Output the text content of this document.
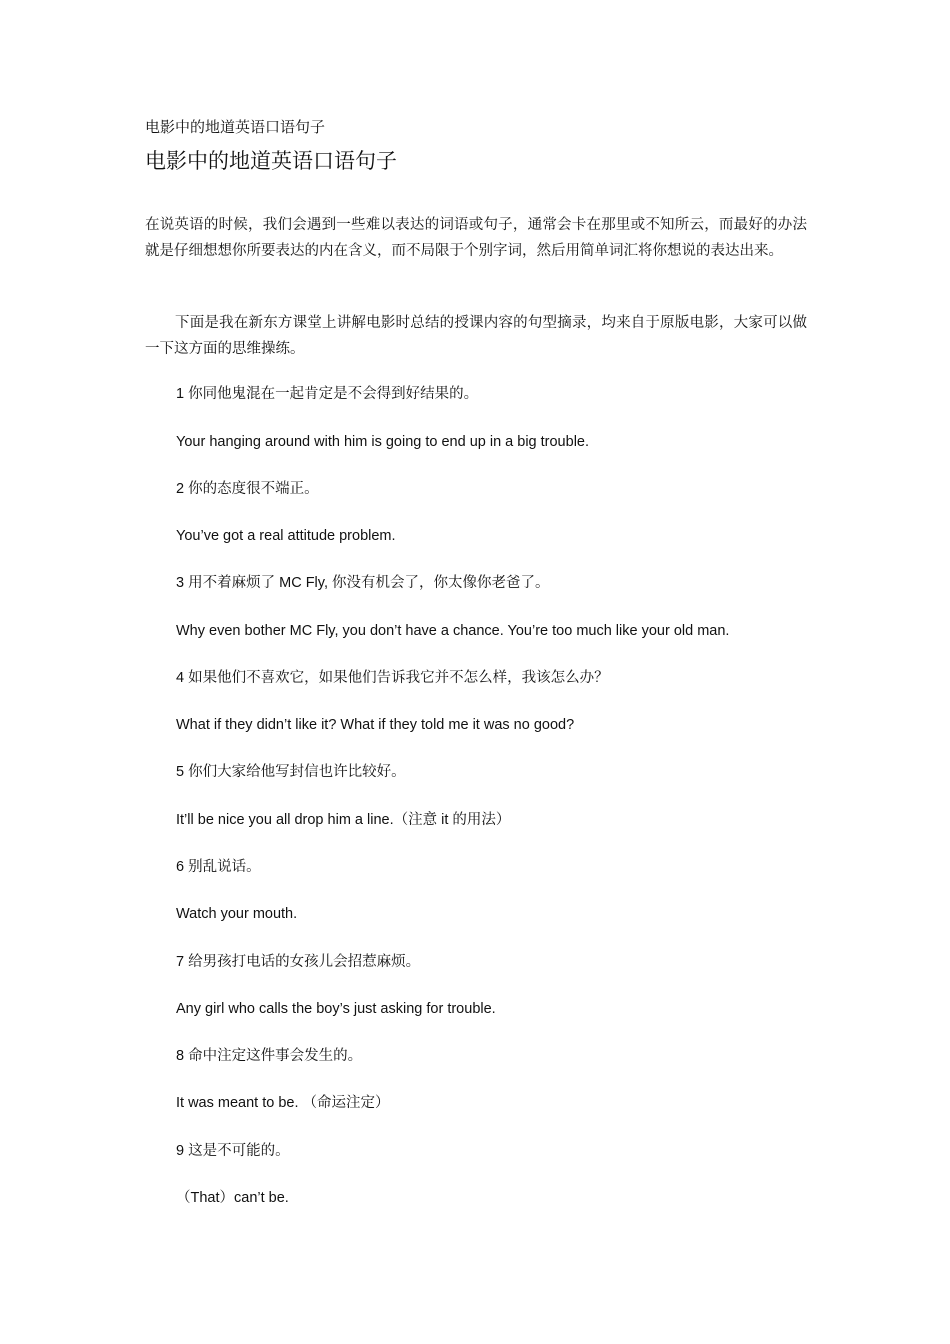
电影中的地道英语口语句子
电影中的地道英语口语句子
在说英语的时候，我们会遇到一些难以表达的词语或句子，通常会卡在那里或不知所云，而最好的办法就是仔细想想你所要表达的内在含义，而不局限于个别字词，然后用简单词汇将你想说的表达出来。
下面是我在新东方课堂上讲解电影时总结的授课内容的句型摘录，均来自于原版电影，大家可以做一下这方面的思维操练。
1 你同他鬼混在一起肯定是不会得到好结果的。
Your hanging around with him is going to end up in a big trouble.
2 你的态度很不端正。
You’ve got a real attitude problem.
3 用不着麻烦了 MC Fly, 你没有机会了，你太像你老爸了。
Why even bother MC Fly, you don’t have a chance. You’re too much like your old man.
4 如果他们不喜欢它，如果他们告诉我它并不怎么样，我该怎么办？
What if they didn’t like it? What if they told me it was no good?
5 你们大家给他写封信也许比较好。
It’ll be nice you all drop him a line.（注意 it 的用法）
6 别乱说话。
Watch your mouth.
7 给男孩打电话的女孩儿会招惹麻烦。
Any girl who calls the boy’s just asking for trouble.
8 命中注定这件事会发生的。
It was meant to be. （命运注定）
9 这是不可能的。
（That）can’t be.
